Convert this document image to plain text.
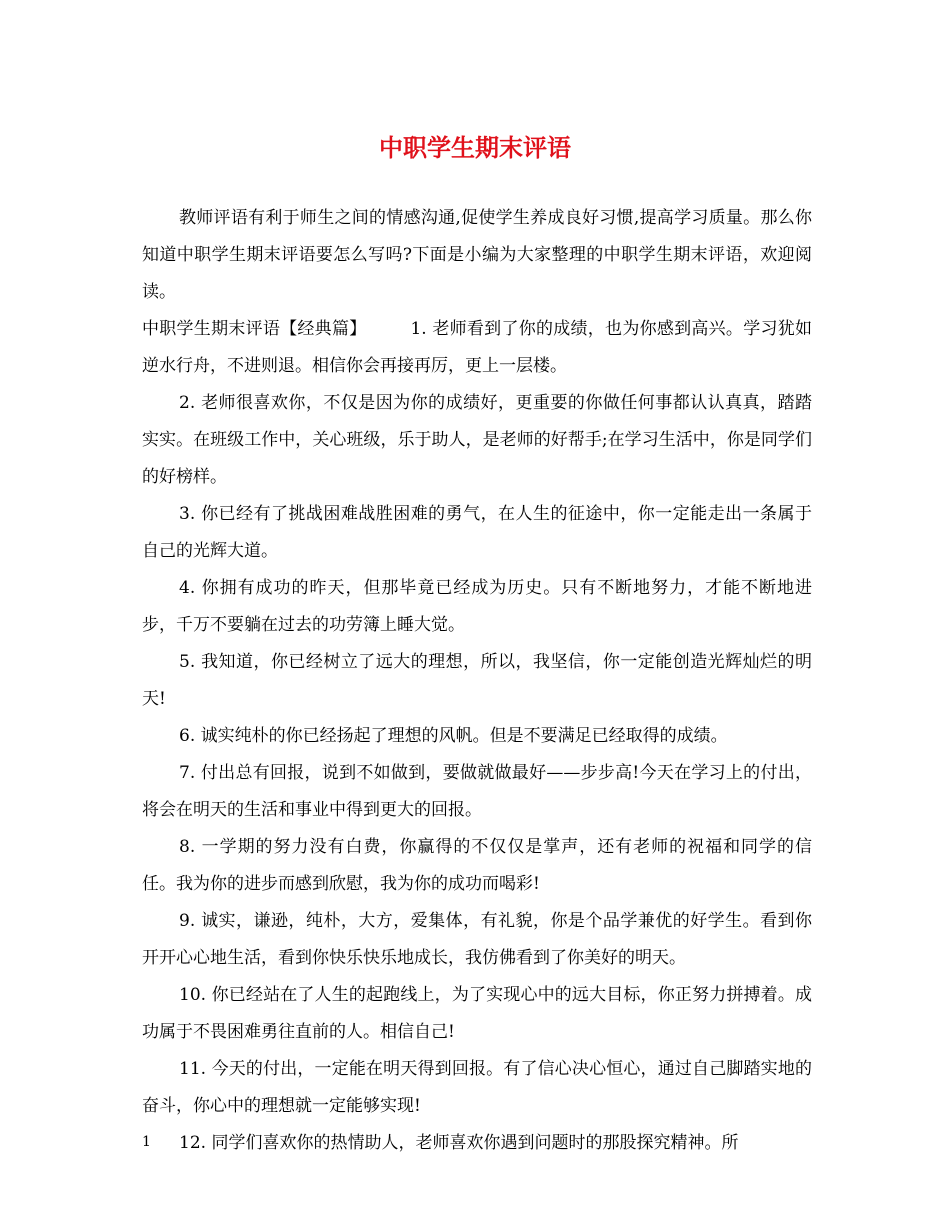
中职学生期末评语

教师评语有利于师生之间的情感沟通,促使学生养成良好习惯,提高学习质量。那么你知道中职学生期末评语要怎么写吗?下面是小编为大家整理的中职学生期末评语，欢迎阅读。

中职学生期末评语【经典篇】	1. 老师看到了你的成绩，也为你感到高兴。学习犹如逆水行舟，不进则退。相信你会再接再厉，更上一层楼。

2. 老师很喜欢你，不仅是因为你的成绩好，更重要的你做任何事都认认真真，踏踏实实。在班级工作中，关心班级，乐于助人，是老师的好帮手;在学习生活中，你是同学们的好榜样。

3. 你已经有了挑战困难战胜困难的勇气，在人生的征途中，你一定能走出一条属于自己的光辉大道。

4. 你拥有成功的昨天，但那毕竟已经成为历史。只有不断地努力，才能不断地进步，千万不要躺在过去的功劳簿上睡大觉。

5. 我知道，你已经树立了远大的理想，所以，我坚信，你一定能创造光辉灿烂的明天!

6. 诚实纯朴的你已经扬起了理想的风帆。但是不要满足已经取得的成绩。

7. 付出总有回报，说到不如做到，要做就做最好——步步高!今天在学习上的付出，将会在明天的生活和事业中得到更大的回报。

8. 一学期的努力没有白费，你赢得的不仅仅是掌声，还有老师的祝福和同学的信任。我为你的进步而感到欣慰，我为你的成功而喝彩!

9. 诚实，谦逊，纯朴，大方，爱集体，有礼貌，你是个品学兼优的好学生。看到你开开心心地生活，看到你快乐快乐地成长，我仿佛看到了你美好的明天。

10. 你已经站在了人生的起跑线上，为了实现心中的远大目标，你正努力拼搏着。成功属于不畏困难勇往直前的人。相信自己!

11. 今天的付出，一定能在明天得到回报。有了信心决心恒心，通过自己脚踏实地的奋斗，你心中的理想就一定能够实现!

12. 同学们喜欢你的热情助人，老师喜欢你遇到问题时的那股探究精神。所

1
